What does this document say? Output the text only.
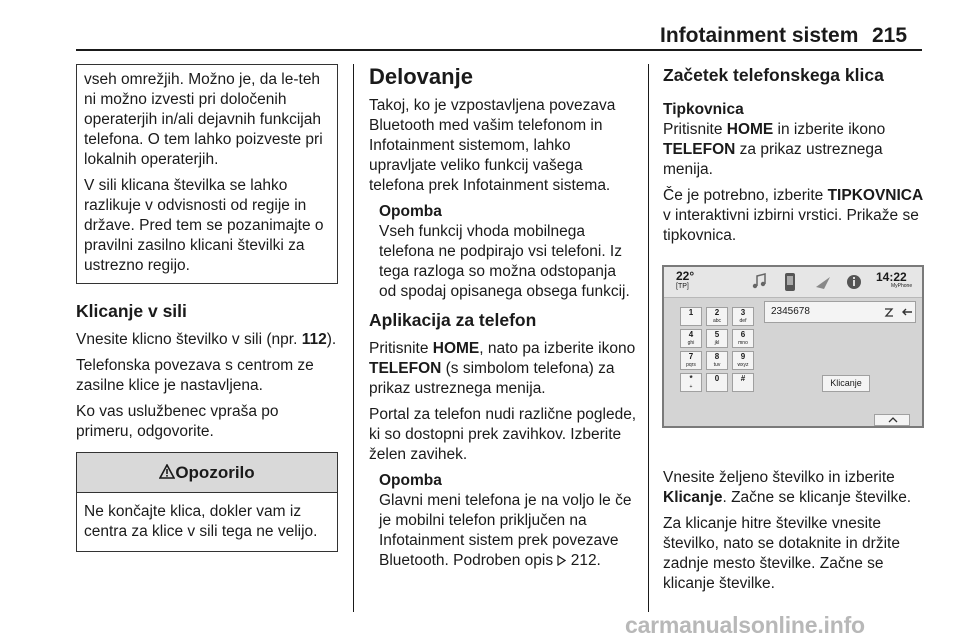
Infotainment sistem 215

vseh omrežjih. Možno je, da le-teh ni možno izvesti pri določenih operaterjih in/ali dejavnih funkcijah telefona. O tem lahko poizveste pri lokalnih operaterjih.

V sili klicana številka se lahko razlikuje v odvisnosti od regije in države. Pred tem se pozanimajte o pravilni zasilno klicani številki za ustrezno regijo.

Klicanje v sili

Vnesite klicno številko v sili (npr. 112).

Telefonska povezava s centrom ze zasilne klice je nastavljena.

Ko vas uslužbenec vpraša po primeru, odgovorite.

Opozorilo
Ne končajte klica, dokler vam iz centra za klice v sili tega ne velijo.
Delovanje

Takoj, ko je vzpostavljena povezava Bluetooth med vašim telefonom in Infotainment sistemom, lahko upravljate veliko funkcij vašega telefona prek Infotainment sistema.

Opomba
Vseh funkcij vhoda mobilnega telefona ne podpirajo vsi telefoni. Iz tega razloga so možna odstopanja od spodaj opisanega obsega funkcij.
Aplikacija za telefon

Pritisnite HOME, nato pa izberite ikono TELEFON (s simbolom telefona) za prikaz ustreznega menija.

Portal za telefon nudi različne poglede, ki so dostopni prek zavihkov. Izberite želen zavihek.

Opomba
Glavni meni telefona je na voljo le če je mobilni telefon priključen na Infotainment sistem prek povezave Bluetooth. Podroben opis  212.
Začetek telefonskega klica
Tipkovnica

Pritisnite HOME in izberite ikono TELEFON za prikaz ustreznega menija.

Če je potrebno, izberite TIPKOVNICA v interaktivni izbirni vrstici. Prikaže se tipkovnica.

Vnesite željeno številko in izberite Klicanje. Začne se klicanje številke.

Za klicanje hitre številke vnesite številko, nato se dotaknite in držite zadnje mesto številke. Začne se klicanje številke.

22°
[TP]
14:22
MyPhone
1	2
abc
3
def
4
ghi
5
jkl
6
mno
7
pqrs
8
tuv
9
wxyz
*
+
0	#
2345678
Klicanje
carmanualsonline.info
